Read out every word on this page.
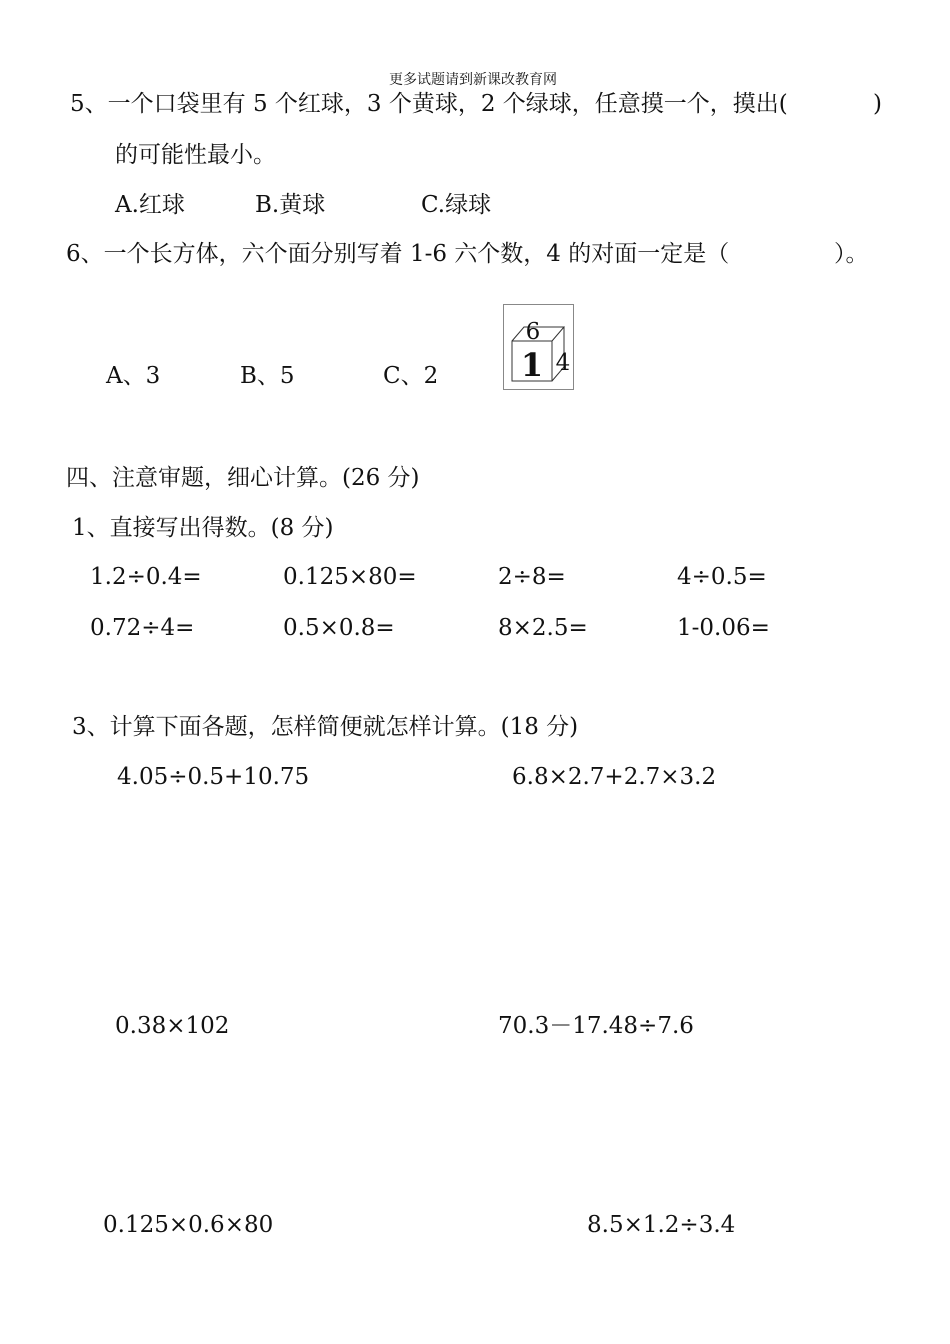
更多试题请到新课改教育网
5、一个口袋里有 5 个红球，3 个黄球，2 个绿球，任意摸一个，摸出(	)
的可能性最小。
A.红球	B.黄球	C.绿球
6、一个长方体，六个面分别写着 1-6 六个数，4 的对面一定是（	）。
A、3	B、5	C、2
6
1 4
四、注意审题，细心计算。(26 分)
1、直接写出得数。(8 分)
1.2÷0.4=	0.125×80=	2÷8=	4÷0.5=
0.72÷4=	0.5×0.8=	8×2.5=	1-0.06=
3、计算下面各题，怎样简便就怎样计算。(18 分)
4.05÷0.5+10.75	6.8×2.7+2.7×3.2
0.38×102	70.3－17.48÷7.6
0.125×0.6×80	8.5×1.2÷3.4
